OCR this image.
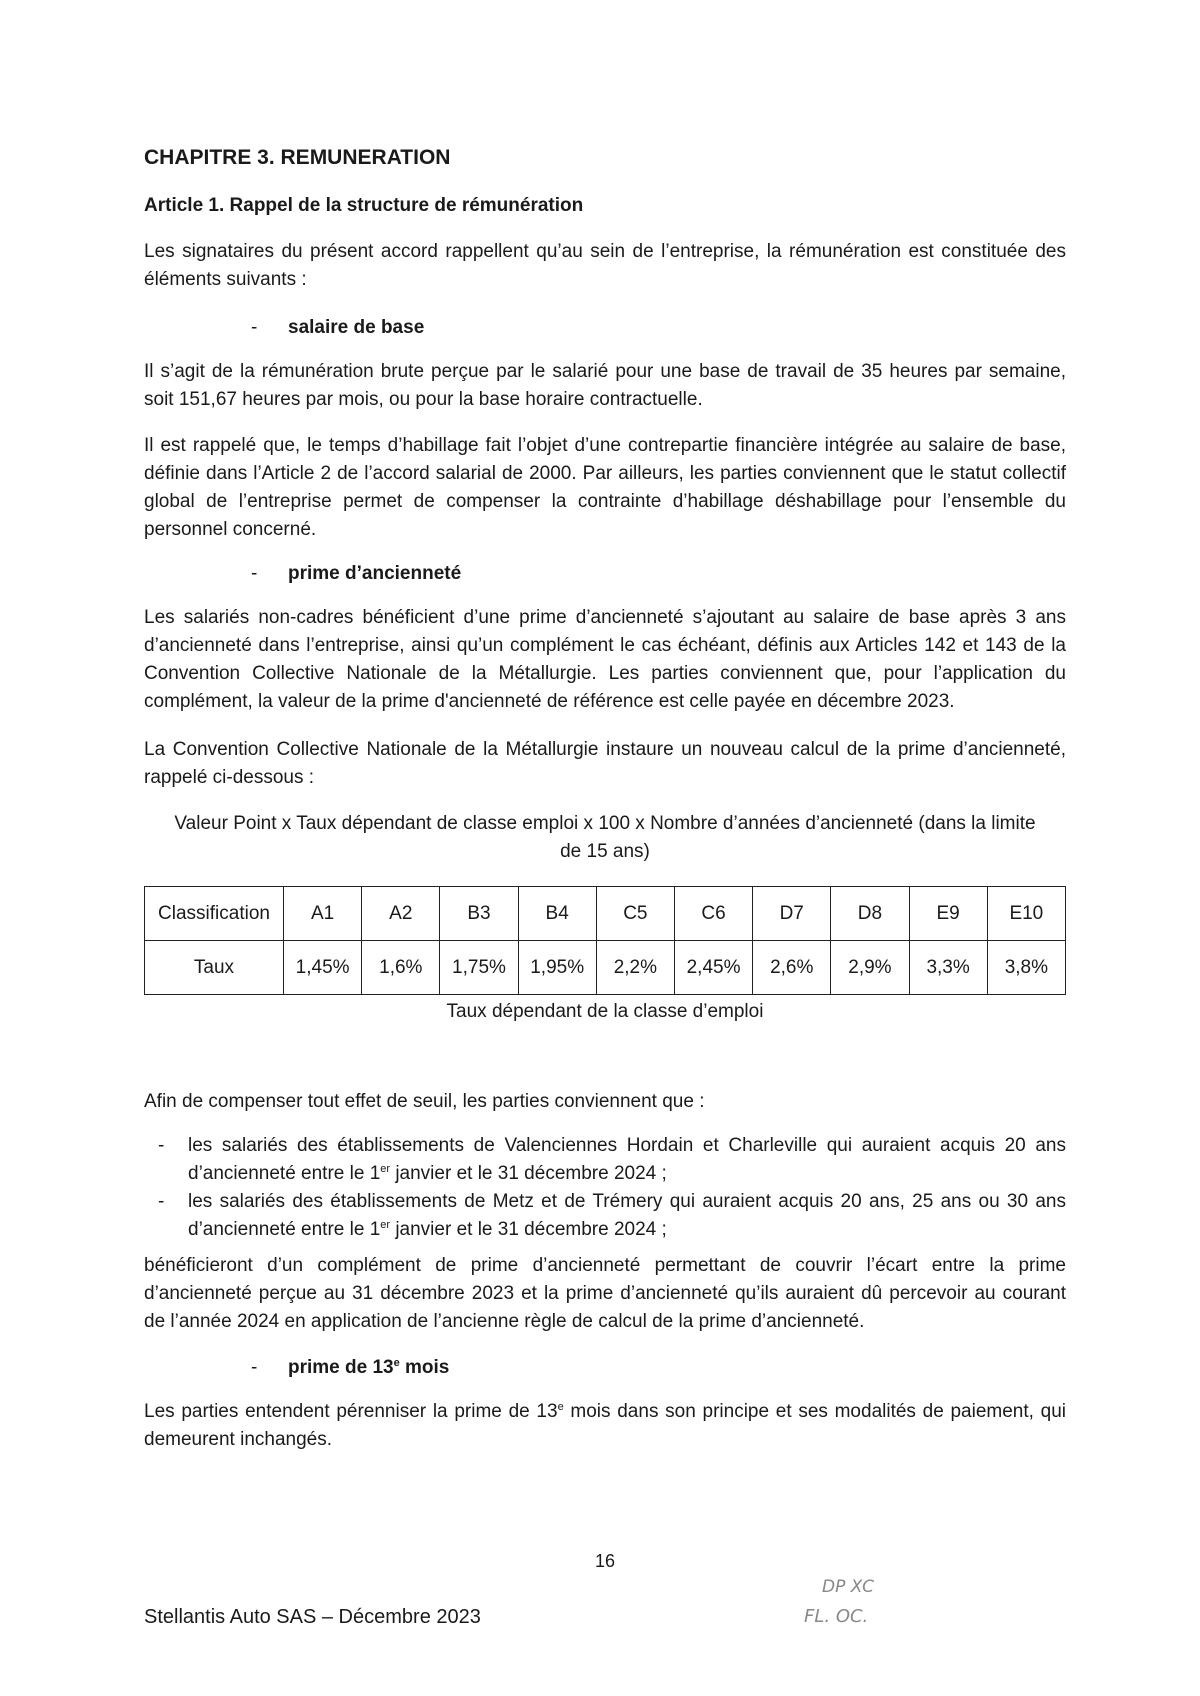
CHAPITRE 3. REMUNERATION

Article 1. Rappel de la structure de rémunération

Les signataires du présent accord rappellent qu’au sein de l’entreprise, la rémunération est constituée des éléments suivants :

- salaire de base

Il s’agit de la rémunération brute perçue par le salarié pour une base de travail de 35 heures par semaine, soit 151,67 heures par mois, ou pour la base horaire contractuelle.

Il est rappelé que, le temps d’habillage fait l’objet d’une contrepartie financière intégrée au salaire de base, définie dans l’Article 2 de l’accord salarial de 2000. Par ailleurs, les parties conviennent que le statut collectif global de l’entreprise permet de compenser la contrainte d’habillage déshabillage pour l’ensemble du personnel concerné.

- prime d’ancienneté

Les salariés non-cadres bénéficient d’une prime d’ancienneté s’ajoutant au salaire de base après 3 ans d’ancienneté dans l’entreprise, ainsi qu’un complément le cas échéant, définis aux Articles 142 et 143 de la Convention Collective Nationale de la Métallurgie. Les parties conviennent que, pour l’application du complément, la valeur de la prime d'ancienneté de référence est celle payée en décembre 2023.

La Convention Collective Nationale de la Métallurgie instaure un nouveau calcul de la prime d’ancienneté, rappelé ci-dessous :

Valeur Point x Taux dépendant de classe emploi x 100 x Nombre d’années d’ancienneté (dans la limite de 15 ans)

Classification	A1	A2	B3	B4	C5	C6	D7	D8	E9	E10
Taux	1,45%	1,6%	1,75%	1,95%	2,2%	2,45%	2,6%	2,9%	3,3%	3,8%

Taux dépendant de la classe d’emploi

Afin de compenser tout effet de seuil, les parties conviennent que :

- les salariés des établissements de Valenciennes Hordain et Charleville qui auraient acquis 20 ans d’ancienneté entre le 1er janvier et le 31 décembre 2024 ;
- les salariés des établissements de Metz et de Trémery qui auraient acquis 20 ans, 25 ans ou 30 ans d’ancienneté entre le 1er janvier et le 31 décembre 2024 ;

bénéficieront d’un complément de prime d’ancienneté permettant de couvrir l’écart entre la prime d’ancienneté perçue au 31 décembre 2023 et la prime d’ancienneté qu’ils auraient dû percevoir au courant de l’année 2024 en application de l’ancienne règle de calcul de la prime d’ancienneté.

- prime de 13e mois

Les parties entendent pérenniser la prime de 13e mois dans son principe et ses modalités de paiement, qui demeurent inchangés.

16

Stellantis Auto SAS – Décembre 2023

DP XC
FL. OC.
